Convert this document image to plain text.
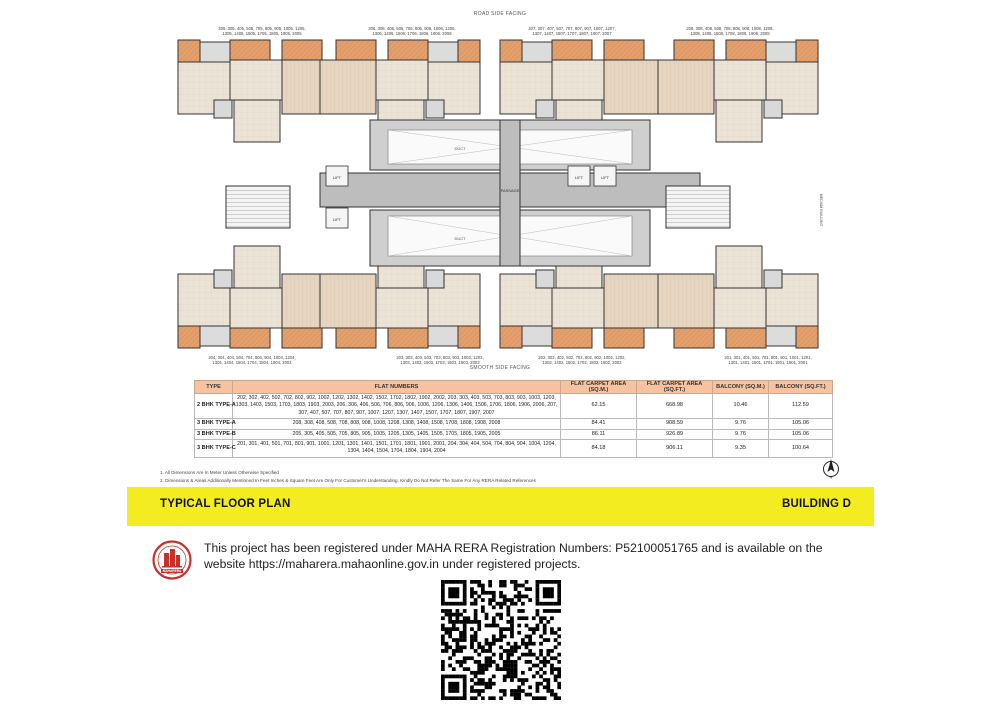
LIFT
LIFT
LIFT	LIFT
PASSAGE
DUCT
DUCT
MEDIUM BUILDING
ROAD SIDE FACING
SMOOTH SIDE FACING
205, 305, 405, 505, 705, 805, 905, 1005, 1205, 1305, 1405, 1505, 1705, 1805, 1905, 2005
206, 306, 406, 506, 706, 806, 906, 1006, 1206, 1306, 1406, 1506, 1706, 1806, 1906, 2006
207, 307, 407, 507, 707, 807, 907, 1007, 1207, 1307, 1407, 1507, 1707, 1807, 1907, 2007
208, 308, 408, 508, 708, 808, 908, 1008, 1208, 1308, 1408, 1508, 1708, 1808, 1908, 2008
204, 304, 404, 504, 704, 804, 904, 1004, 1204, 1304, 1404, 1504, 1704, 1804, 1904, 2004
203, 303, 403, 503, 703, 803, 903, 1003, 1203, 1303, 1403, 1503, 1703, 1803, 1903, 2003
202, 302, 402, 502, 702, 802, 902, 1002, 1202, 1302, 1402, 1502, 1702, 1802, 1902, 2002
201, 301, 401, 501, 701, 801, 901, 1001, 1201, 1301, 1401, 1501, 1701, 1801, 1901, 2001
TYPE	FLAT NUMBERS	FLAT CARPET AREA (SQ.M.)	FLAT CARPET AREA (SQ.FT.)	BALCONY (SQ.M.)	BALCONY (SQ.FT.)
2 BHK TYPE-A	202, 302, 402, 502, 702, 802, 902, 1002, 1202, 1302, 1402, 1502, 1702, 1802, 1902, 2002, 203, 303, 403, 503, 703, 803, 903, 1003, 1203, 1303, 1403, 1503, 1703, 1803, 1903, 2003, 206, 306, 406, 506, 706, 806, 906, 1006, 1206, 1306, 1406, 1506, 1706, 1806, 1906, 2006, 207, 307, 407, 507, 707, 807, 907, 1007, 1207, 1307, 1407, 1507, 1707, 1807, 1907, 2007	62.15	668.98	10.46	112.59
3 BHK TYPE-A	208, 308, 408, 508, 708, 808, 908, 1008, 1208, 1308, 1408, 1508, 1708, 1808, 1908, 2008	84.41	908.59	9.76	105.06
3 BHK TYPE-B	205, 305, 405, 505, 705, 805, 905, 1005, 1205, 1305, 1405, 1505, 1705, 1805, 1905, 2005	86.11	926.89	9.76	105.06
3 BHK TYPE-C	201, 301, 401, 501, 701, 801, 901, 1001, 1201, 1301, 1401, 1501, 1701, 1801, 1901, 2001, 204, 304, 404, 504, 704, 804, 904, 1004, 1204, 1304, 1404, 1504, 1704, 1804, 1904, 2004	84.18	906.11	9.35	100.64
1. All Dimensions Are In Meter Unless Otherwise Specified
2. Dimensions & Areas Additionally Mentioned In Feet Inches & Square Feet Are Only For Customer's Understanding. Kindly Do Not Refer The Same For Any RERA Related References
N
TYPICAL FLOOR PLAN	BUILDING D
MAHARERA
This project has been registered under MAHA RERA Registration Numbers: P52100051765 and is available on the website https://maharera.mahaonline.gov.in under registered projects.
